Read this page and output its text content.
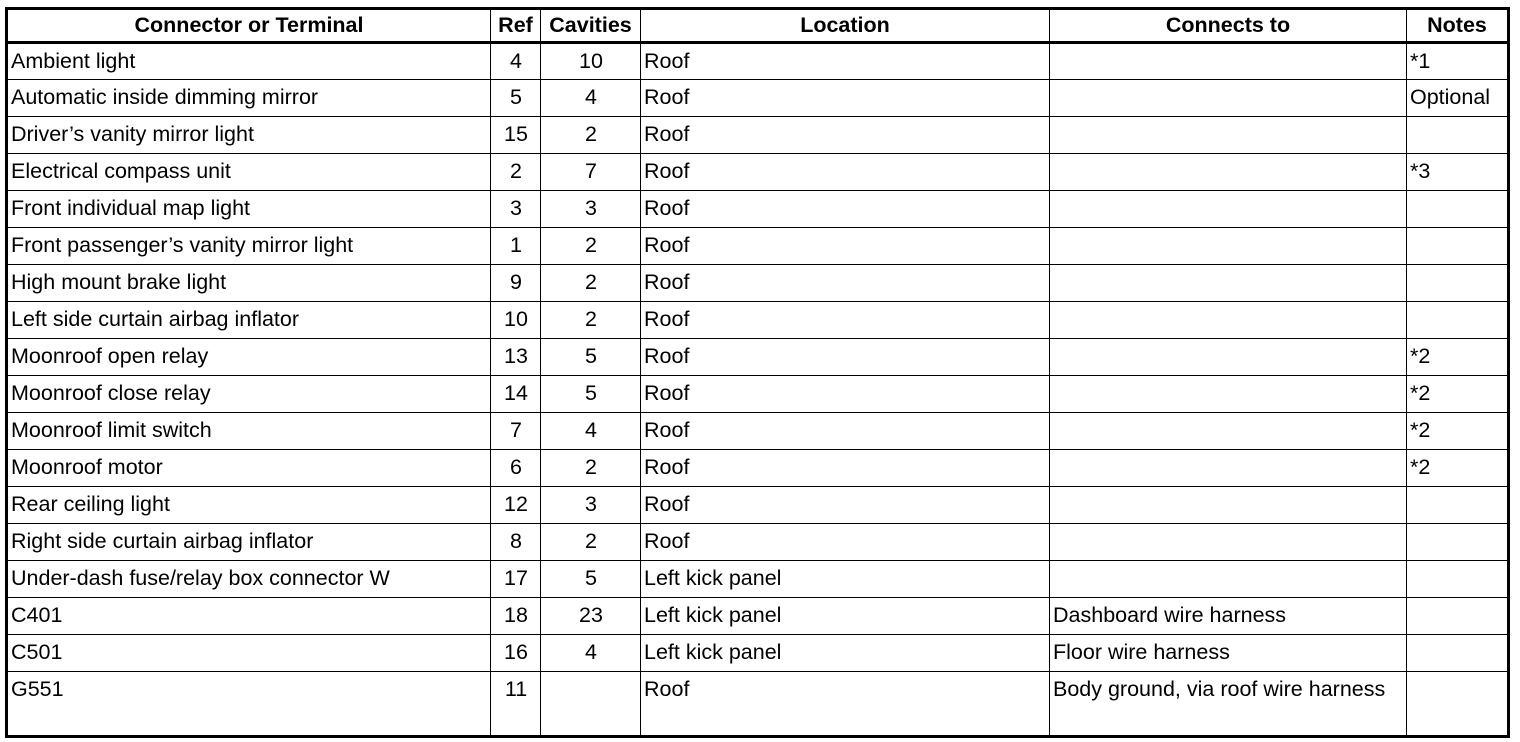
Connector or Terminal	Ref	Cavities	Location	Connects to	Notes
Ambient light	4	10	Roof		*1
Automatic inside dimming mirror	5	4	Roof		Optional
Driver’s vanity mirror light	15	2	Roof		
Electrical compass unit	2	7	Roof		*3
Front individual map light	3	3	Roof		
Front passenger’s vanity mirror light	1	2	Roof		
High mount brake light	9	2	Roof		
Left side curtain airbag inflator	10	2	Roof		
Moonroof open relay	13	5	Roof		*2
Moonroof close relay	14	5	Roof		*2
Moonroof limit switch	7	4	Roof		*2
Moonroof motor	6	2	Roof		*2
Rear ceiling light	12	3	Roof		
Right side curtain airbag inflator	8	2	Roof		
Under-dash fuse/relay box connector W	17	5	Left kick panel		
C401	18	23	Left kick panel	Dashboard wire harness	
C501	16	4	Left kick panel	Floor wire harness	
G551	11		Roof	Body ground, via roof wire harness	
